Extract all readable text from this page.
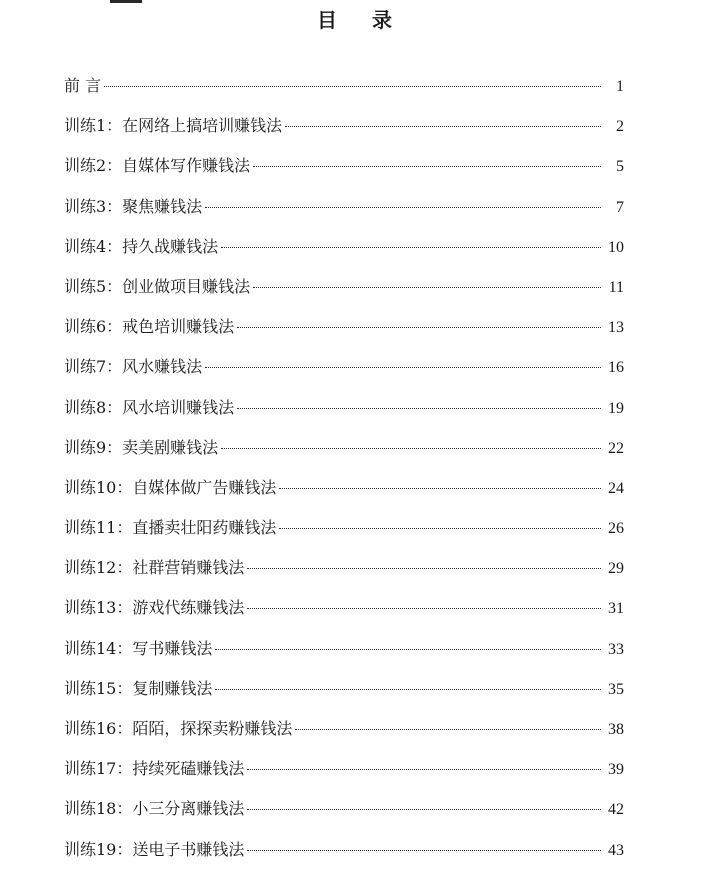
目 录
前 言	1
训练1：在网络上搞培训赚钱法	2
训练2：自媒体写作赚钱法	5
训练3：聚焦赚钱法	7
训练4：持久战赚钱法	10
训练5：创业做项目赚钱法	11
训练6：戒色培训赚钱法	13
训练7：风水赚钱法	16
训练8：风水培训赚钱法	19
训练9：卖美剧赚钱法	22
训练10：自媒体做广告赚钱法	24
训练11：直播卖壮阳药赚钱法	26
训练12：社群营销赚钱法	29
训练13：游戏代练赚钱法	31
训练14：写书赚钱法	33
训练15：复制赚钱法	35
训练16：陌陌，探探卖粉赚钱法	38
训练17：持续死磕赚钱法	39
训练18：小三分离赚钱法	42
训练19：送电子书赚钱法	43
